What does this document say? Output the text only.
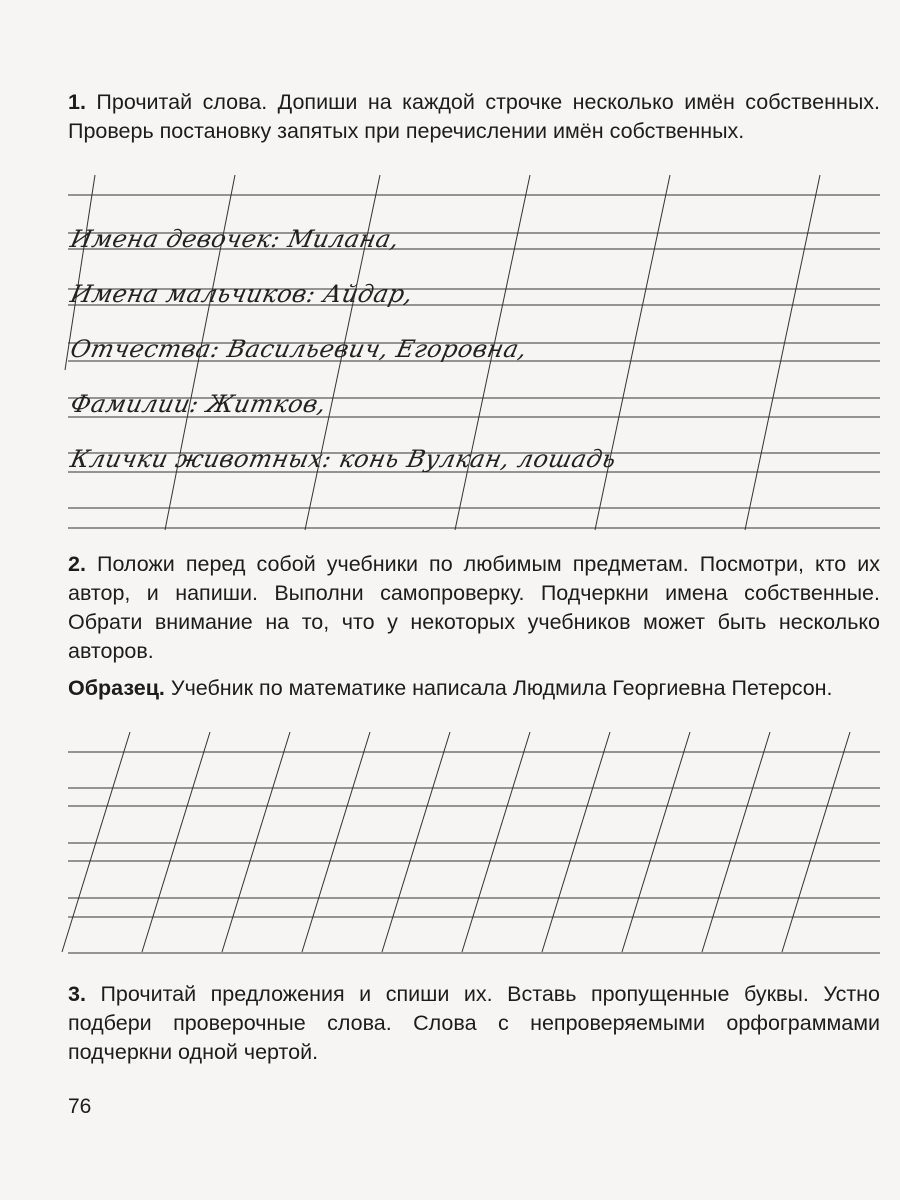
1. Прочитай слова. Допиши на каждой строчке несколько имён собственных. Проверь постановку запятых при перечислении имён собственных.
Имена девочек: Милана,
Имена мальчиков: Айдар,
Отчества: Васильевич, Егоровна,
Фамилии: Житков,
Клички животных: конь Вулкан, лошадь
2. Положи перед собой учебники по любимым предметам. Посмотри, кто их автор, и напиши. Выполни самопроверку. Подчеркни имена собственные. Обрати внимание на то, что у некоторых учебников может быть несколько авторов.
Образец. Учебник по математике написала Людмила Георгиевна Петерсон.
3. Прочитай предложения и спиши их. Вставь пропущенные буквы. Устно подбери проверочные слова. Слова с непроверяемыми орфограммами подчеркни одной чертой.
76
